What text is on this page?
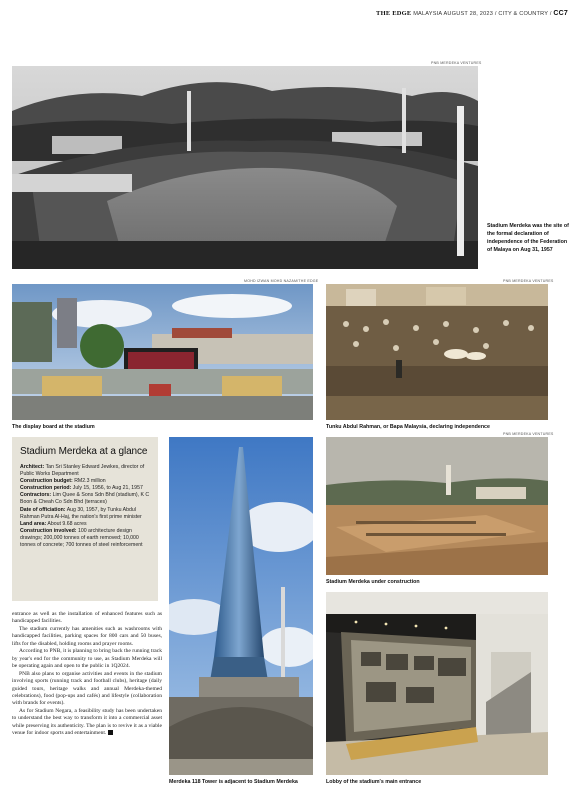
THE EDGE MALAYSIA AUGUST 28, 2023 / CITY & COUNTRY / CC7
PNB MERDEKA VENTURES
Stadium Merdeka was the site of the formal declaration of independence of the Federation of Malaya on Aug 31, 1957
MOHD IZWAN MOHD NAZAM/THE EDGE
The display board at the stadium
PNB MERDEKA VENTURES
Tunku Abdul Rahman, or Bapa Malaysia, declaring independence
Stadium Merdeka at a glance

Architect: Tan Sri Stanley Edward Jewkes, director of Public Works Department

Construction budget: RM2.3 million

Construction period: July 15, 1956, to Aug 21, 1957

Contractors: Lim Quee & Sons Sdn Bhd (stadium), K C Boon & Cheah Co Sdn Bhd (terraces)

Date of officiation: Aug 30, 1957, by Tunku Abdul Rahman Putra Al-Haj, the nation's first prime minister

Land area: About 9.68 acres

Construction involved: 100 architecture design drawings; 200,000 tonnes of earth removed; 10,000 tonnes of concrete; 700 tonnes of steel reinforcement

entrance as well as the installation of enhanced features such as handicapped facilities.

The stadium currently has amenities such as washrooms with handicapped facilities, parking spaces for 800 cars and 50 buses, lifts for the disabled, holding rooms and prayer rooms.

According to PNB, it is planning to bring back the running track by year's end for the community to use, as Stadium Merdeka will be operating again and open to the public in 1Q2024.

PNB also plans to organise activities and events in the stadium involving sports (running track and football clubs), heritage (daily guided tours, heritage walks and annual Merdeka-themed celebrations), food (pop-ups and cafés) and lifestyle (collaboration with brands for events).

As for Stadium Negara, a feasibility study has been undertaken to understand the best way to transform it into a commercial asset while preserving its authenticity. The plan is to revive it as a viable venue for indoor sports and entertainment.

Merdeka 118 Tower is adjacent to Stadium Merdeka
PNB MERDEKA VENTURES
Stadium Merdeka under construction
Lobby of the stadium's main entrance
